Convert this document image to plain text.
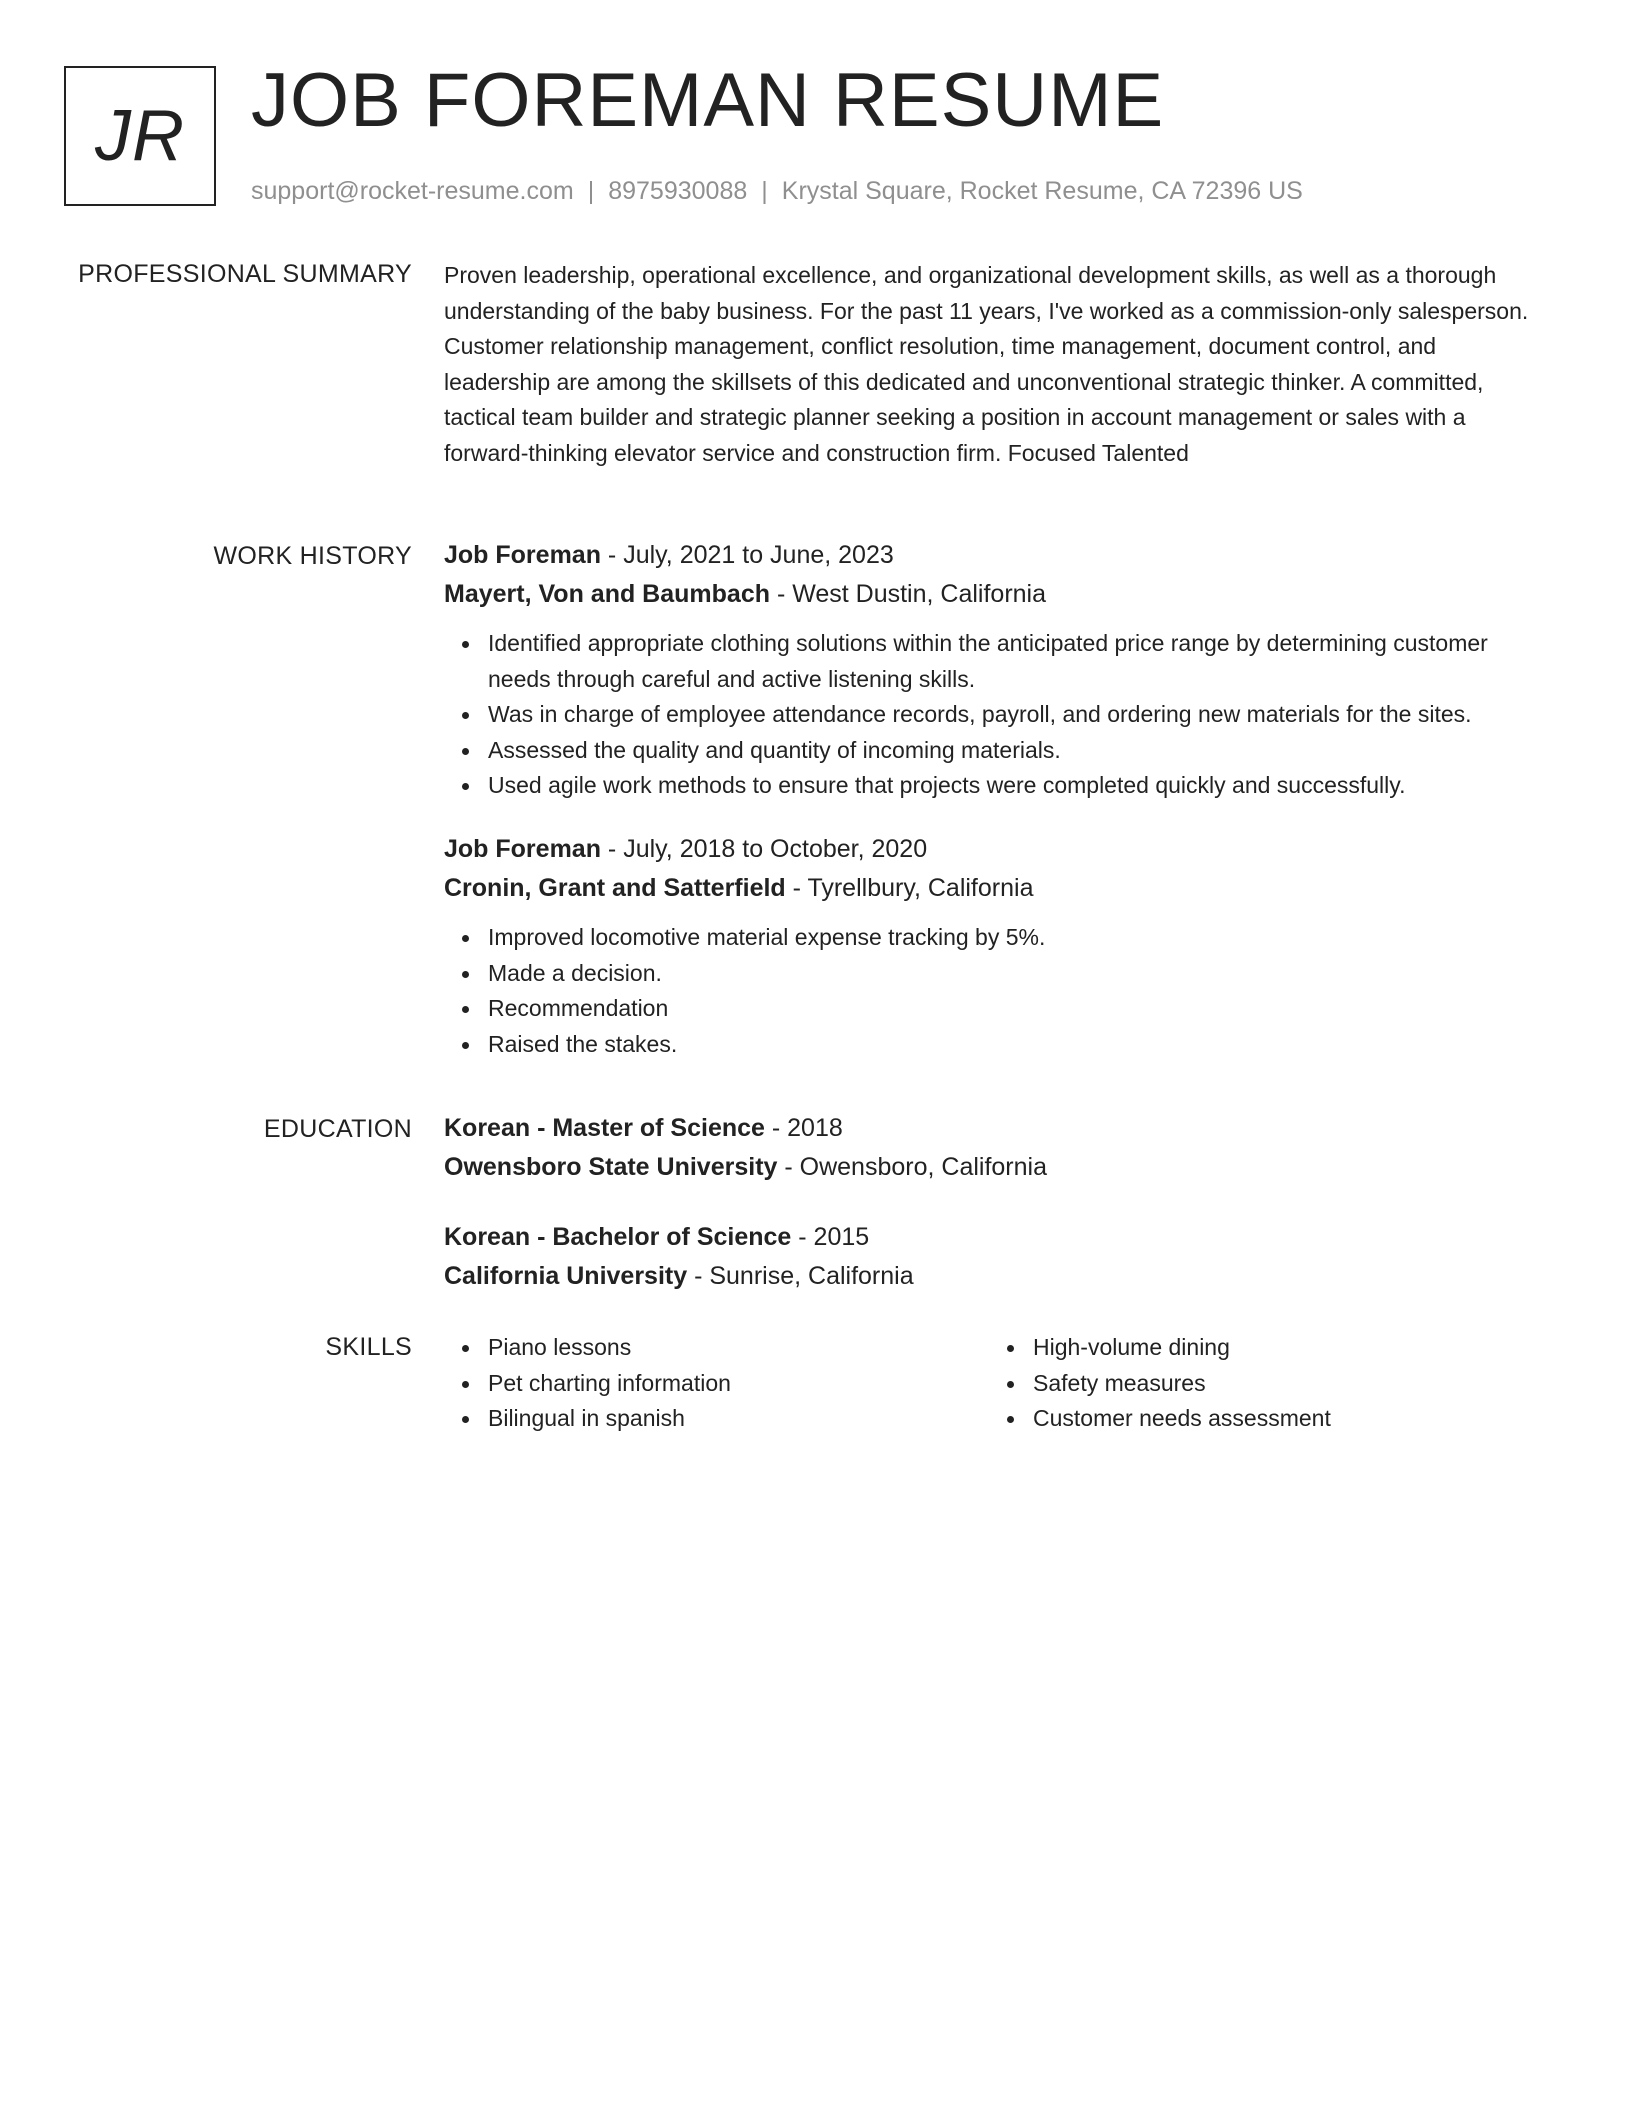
JR JOB FOREMAN RESUME
support@rocket-resume.com | 8975930088 | Krystal Square, Rocket Resume, CA 72396 US
PROFESSIONAL SUMMARY Proven leadership, operational excellence, and organizational development skills, as well as a thorough understanding of the baby business. For the past 11 years, I've worked as a commission-only salesperson. Customer relationship management, conflict resolution, time management, document control, and leadership are among the skillsets of this dedicated and unconventional strategic thinker. A committed, tactical team builder and strategic planner seeking a position in account management or sales with a forward-thinking elevator service and construction firm. Focused Talented

WORK HISTORY Job Foreman - July, 2021 to June, 2023
Mayert, Von and Baumbach - West Dustin, California
Identified appropriate clothing solutions within the anticipated price range by determining customer needs through careful and active listening skills.
Was in charge of employee attendance records, payroll, and ordering new materials for the sites.
Assessed the quality and quantity of incoming materials.
Used agile work methods to ensure that projects were completed quickly and successfully.
Job Foreman - July, 2018 to October, 2020
Cronin, Grant and Satterfield - Tyrellbury, California
Improved locomotive material expense tracking by 5%.
Made a decision.
Recommendation
Raised the stakes.
EDUCATION Korean - Master of Science - 2018
Owensboro State University - Owensboro, California
Korean - Bachelor of Science - 2015
California University - Sunrise, California
SKILLS	Piano lessons
Pet charting information
Bilingual in spanish
High-volume dining
Safety measures
Customer needs assessment
